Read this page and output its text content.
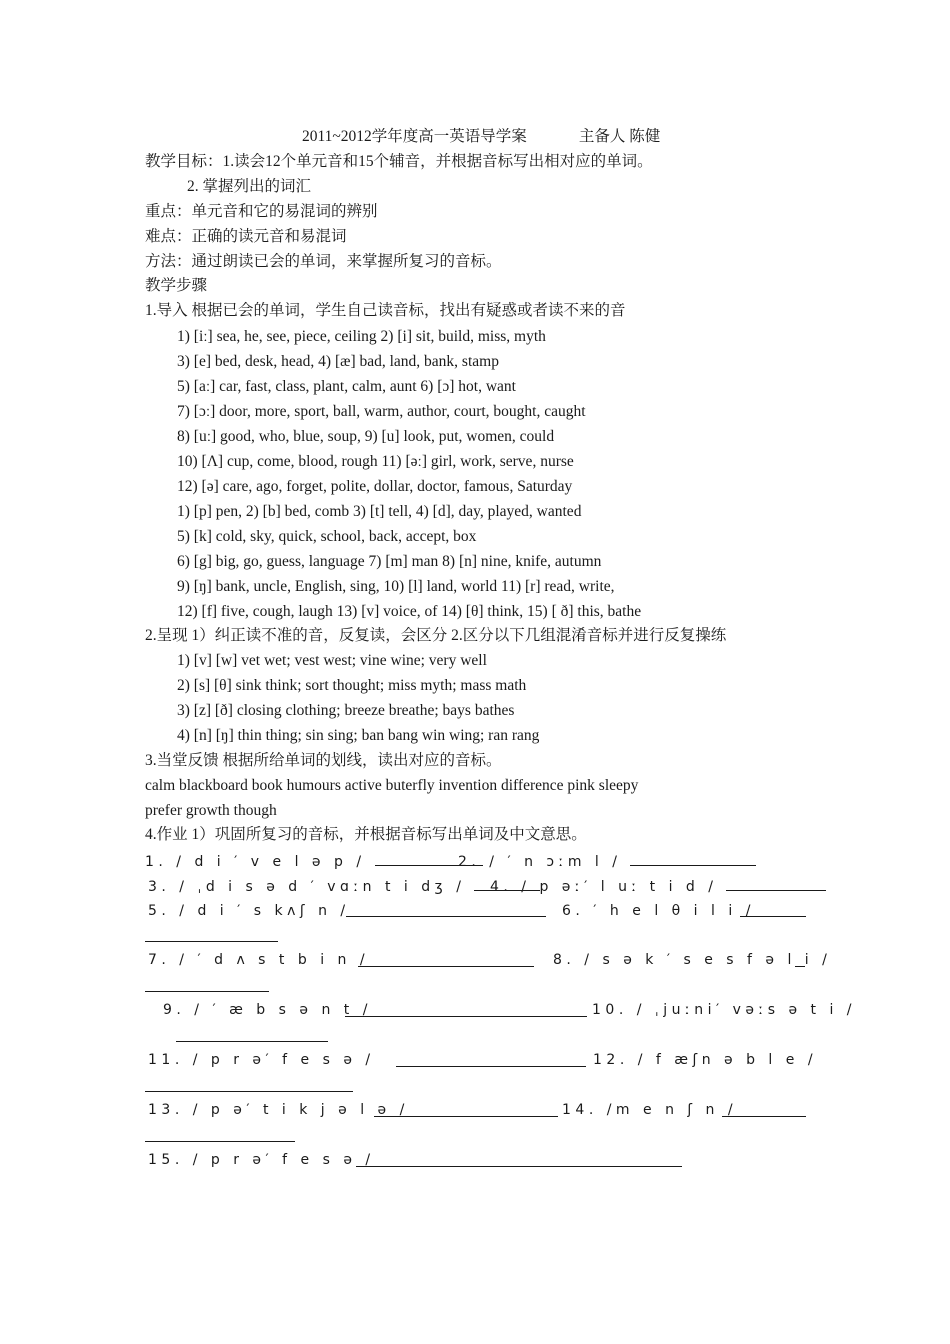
2011~2012学年度高一英语导学案	主备人 陈健
教学目标：1.读会12个单元音和15个辅音，并根据音标写出相对应的单词。
2. 掌握列出的词汇
重点：单元音和它的易混词的辨别
难点：正确的读元音和易混词
方法：通过朗读已会的单词，来掌握所复习的音标。
教学步骤
1.导入 根据已会的单词，学生自己读音标，找出有疑惑或者读不来的音
1) [iː] sea, he, see, piece, ceiling 2) [i] sit, build, miss, myth
3) [e] bed, desk, head, 4) [æ] bad, land, bank, stamp
5) [aː] car, fast, class, plant, calm, aunt 6) [ɔ] hot, want
7) [ɔː] door, more, sport, ball, warm, author, court, bought, caught
8) [uː] good, who, blue, soup, 9) [u] look, put, women, could
10) [Λ] cup, come, blood, rough 11) [əː] girl, work, serve, nurse
12) [ə] care, ago, forget, polite, dollar, doctor, famous, Saturday
1) [p] pen, 2) [b] bed, comb 3) [t] tell, 4) [d], day, played, wanted
5) [k] cold, sky, quick, school, back, accept, box
6) [g] big, go, guess, language 7) [m] man 8) [n] nine, knife, autumn
9) [ŋ] bank, uncle, English, sing, 10) [l] land, world 11) [r] read, write,
12) [f] five, cough, laugh 13) [v] voice, of 14) [θ] think, 15) [ ð] this, bathe
2.呈现 1）纠正读不准的音，反复读，会区分 2.区分以下几组混淆音标并进行反复操练
1) [v] [w] vet wet; vest west; vine wine; very well
2) [s] [θ] sink think; sort thought; miss myth; mass math
3) [z] [ð] closing clothing; breeze breathe; bays bathes
4) [n] [ŋ] thin thing; sin sing; ban bang win wing; ran rang
3.当堂反馈 根据所给单词的划线，读出对应的音标。
calm blackboard book humours active buterfly invention difference pink sleepy
prefer growth though
4.作业 1）巩固所复习的音标，并根据音标写出单词及中文意思。
1. / d i ′ v e l ə p /	2. / ′ n ɔːm l /
3. / ˌd i s ə d ′ vɑːn t i dʒ /	4. / p əː′ l uː t i d /
5. / d i ′ s kʌʃ n /	6. ′ h e l θ i l i /
7. / ′ d ʌ s t b i n /	8. / s ə k ′ s e s f ə l i /
9. / ′ æ b s ə n t /	10. / ˌjuːni′ vəːs ə t i /
11. / p r ə′ f e s ə /	12. / f æʃn ə b l e /
13. / p ə′ t i k j ə l ə /	14. /m e n ʃ n /
15. / p r ə′ f e s ə /
